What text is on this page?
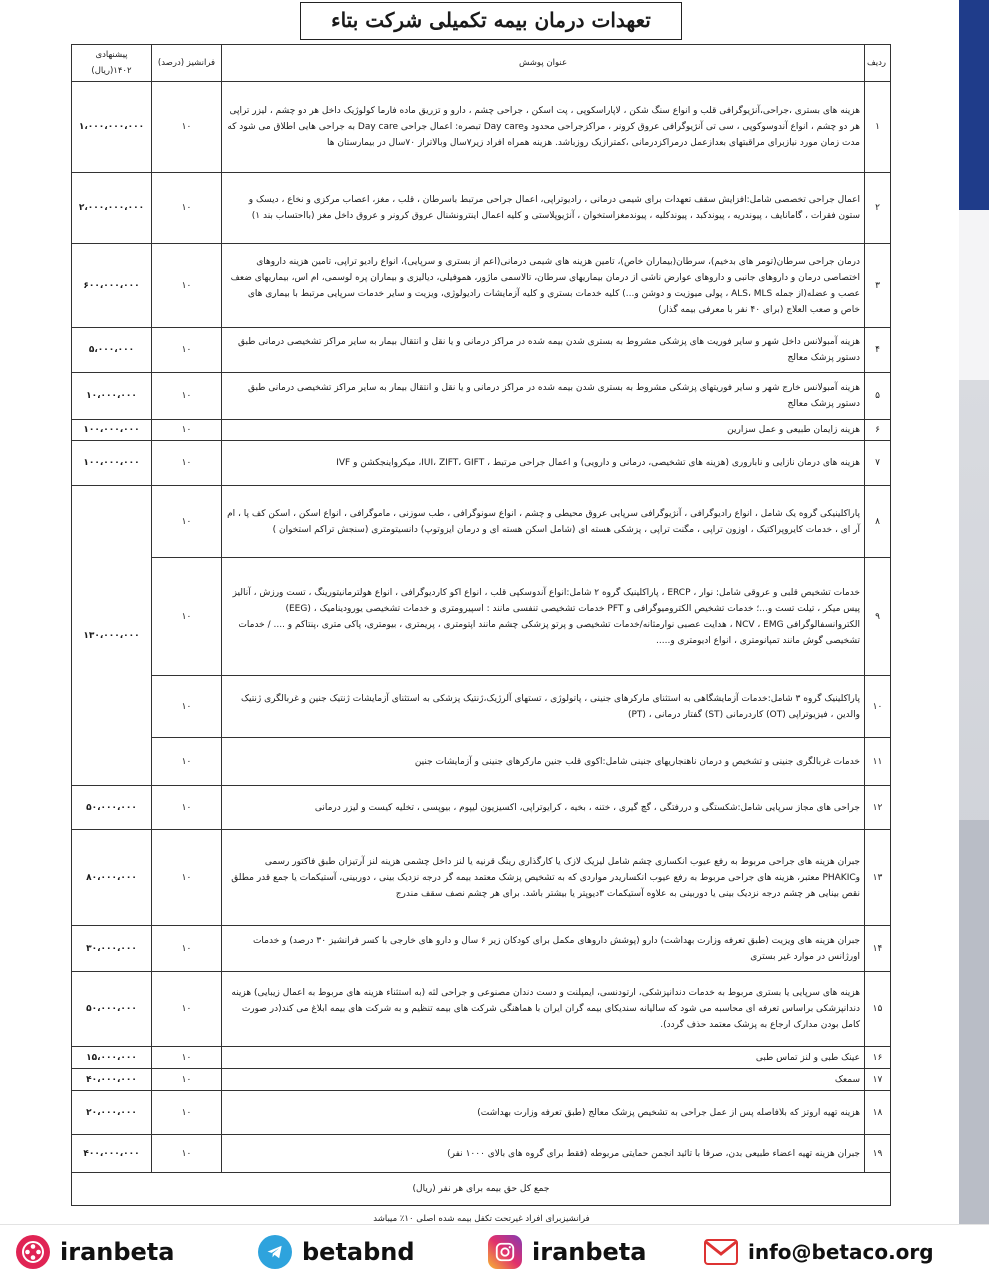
تعهدات درمان بیمه تکمیلی شرکت بتاء
ردیف	عنوان پوشش	فرانشیز (درصد)	پیشنهادی ۱۴۰۲(ریال)
۱	هزینه های بستری ،جراحی،آنژیوگرافی قلب و انواع سنگ شکن ، لاپاراسکوپی ، پت اسکن ، جراحی چشم ، دارو و تزریق ماده فارما کولوژیک داخل هر دو چشم ، لیزر تراپی هر دو چشم ، انواع آندوسوکوپی ، سی تی آنژیوگرافی عروق کرونر ، مراکزجراحی محدود وDay care تبصره: اعمال جراحی Day care به جراحی هایی اطلاق می شود که مدت زمان مورد نیازبرای مراقبتهای بعدازعمل درمراکزدرمانی ،کمترازیک روزباشد. هزینه همراه افراد زیر۷سال وبالاتراز ۷۰سال در بیمارستان ها	۱۰	۱،۰۰۰،۰۰۰،۰۰۰
۲	اعمال جراحی تخصصی شامل:افزایش سقف تعهدات برای شیمی درمانی ، رادیوتراپی، اعمال جراحی مرتبط باسرطان ، قلب ، مغز، اعصاب مرکزی و نخاع ، دیسک و ستون فقرات ، گامانایف ، پیوندریه ، پیوندکبد ، پیوندکلیه ، پیوندمغزاستخوان ، آنژیوپلاستی و کلیه اعمال اینترونشنال عروق کرونر و عروق داخل مغز (بااحتساب بند ۱)	۱۰	۲،۰۰۰،۰۰۰،۰۰۰
۳	درمان جراحی سرطان(تومر های بدخیم)، سرطان(بیماران خاص)، تامین هزینه های شیمی درمانی(اعم از بستری و سرپایی)، انواع رادیو تراپی، تامین هزینه داروهای اختصاصی درمان و داروهای جانبی و داروهای عوارض ناشی از درمان بیماریهای سرطان، تالاسمی ماژور، هموفیلی، دیالیزی و بیماران پره لوسمی، ام اس، بیماریهای ضعف عصب و عضله(از جمله ALS، MLS ، پولی میوزیت و دوشن و...) کلیه خدمات بستری و کلیه آزمایشات رادیولوژی، ویزیت و سایر خدمات سرپایی مرتبط با بیماری های خاص و صعب العلاج (برای ۴۰ نفر با معرفی بیمه گذار)	۱۰	۶۰۰،۰۰۰،۰۰۰
۴	هزینه آمبولانس داخل شهر و سایر فوریت های پزشکی مشروط به بستری شدن بیمه شده در مراکز درمانی و یا نقل و انتقال بیمار به سایر مراکز تشخیصی درمانی طبق دستور پزشک معالج	۱۰	۵،۰۰۰،۰۰۰
۵	هزینه آمبولانس خارج شهر و سایر فوریتهای پزشکی مشروط به بستری شدن بیمه شده در مراکز درمانی و یا نقل و انتقال بیمار به سایر مراکز تشخیصی درمانی طبق دستور پزشک معالج	۱۰	۱۰،۰۰۰،۰۰۰
۶	هزینه زایمان طبیعی و عمل سزارین	۱۰	۱۰۰،۰۰۰،۰۰۰
۷	هزینه های درمان نازایی و ناباروری (هزینه های تشخیصی، درمانی و دارویی) و اعمال جراحی مرتبط ، IUI، ZIFT، GIFT، میکرواینجکشن و IVF	۱۰	۱۰۰،۰۰۰،۰۰۰
۸	پاراکلینیکی گروه یک شامل ، انواع رادیوگرافی ، آنژیوگرافی سرپایی عروق محیطی و چشم ، انواع سونوگرافی ، طب سوزنی ، ماموگرافی ، انواع اسکن ، اسکن کف پا ، ام آر ای ، خدمات کایروپراکتیک ، اوزون تراپی ، مگنت تراپی ، پزشکی هسته ای (شامل اسکن هسته ای و درمان ایزوتوپ) دانسیتومتری (سنجش تراکم استخوان )	۱۰	۱۳۰،۰۰۰،۰۰۰
۹	خدمات تشخیص قلبی و عروقی شامل: نوار ، ERCP ، پاراکلینیک گروه ۲ شامل:انواع آندوسکپی قلب ، انواع اکو کاردیوگرافی ، انواع هولترمانیتورینگ ، تست ورزش ، آنالیز پیس میکر ، تیلت تست و...؛ خدمات تشخیص الکترومیوگرافی و PFT خدمات تشخیصی تنفسی مانند : اسپیرومتری و خدمات تشخیصی یورودینامیک ، (EEG) الکتروانسفالوگرافی NCV ، EMG ، هدایت عصبی نوارمثانه/خدمات تشخیصی و پرتو پزشکی چشم مانند اپتومتری ، پریمتری ، بیومتری، پاکی متری ،پنتاکم و .... / خدمات تشخیصی گوش مانند تمپانومتری ، انواع ادیومتری و.....	۱۰	
۱۰	پاراکلینیک گروه ۳ شامل:خدمات آزمایشگاهی به استثنای مارکرهای جنینی ، پاتولوژی ، تستهای آلرژیک،ژنتیک پزشکی به استثنای آزمایشات ژنتیک جنین و غربالگری ژنتیک والدین ، فیزیوتراپی (OT) کاردرمانی (ST) گفتار درمانی ، (PT)	۱۰	
۱۱	خدمات غربالگری جنینی و تشخیص و درمان ناهنجاریهای جنینی شامل:اکوی قلب جنین مارکرهای جنینی و آزمایشات جنین	۱۰	
۱۲	جراحی های مجاز سرپایی شامل:شکستگی و دررفتگی ، گچ گیری ، ختنه ، بخیه ، کرایوتراپی، اکسیزیون لیپوم ، بیوپسی ، تخلیه کیست و لیزر درمانی	۱۰	۵۰،۰۰۰،۰۰۰
۱۳	جبران هزینه های جراحی مربوط به رفع عیوب انکساری چشم شامل لیزیک لازک یا کارگذاری رینگ قرنیه یا لنز داخل چشمی هزینه لنز آرتیزان طبق فاکتور رسمی وPHAKIC معتبر، هزینه های جراحی مربوط به رفع عیوب انکساریدر مواردی که به تشخیص پزشک معتمد بیمه گر درجه نزدیک بینی ، دوربینی، آستیکمات یا جمع قدر مطلق نقص بینایی هر چشم درجه نزدیک بینی یا دوربینی به علاوه آستیکمات ۳دیوپتر یا بیشتر باشد. برای هر چشم نصف سقف مندرج	۱۰	۸۰،۰۰۰،۰۰۰
۱۴	جبران هزینه های ویزیت (طبق تعرفه وزارت بهداشت) دارو (پوشش داروهای مکمل برای کودکان زیر ۶ سال و دارو های خارجی با کسر فرانشیز ۳۰ درصد) و خدمات اورژانس در موارد غیر بستری	۱۰	۳۰،۰۰۰،۰۰۰
۱۵	هزینه های سرپایی یا بستری مربوط به خدمات دندانپزشکی، ارتودنسی، ایمپلنت و دست دندان مصنوعی و جراحی لثه (به استثناء هزینه های مربوط به اعمال زیبایی) هزینه دندانپزشکی براساس تعرفه ای محاسبه می شود که سالیانه سندیکای بیمه گران ایران با هماهنگی شرکت های بیمه تنظیم و به شرکت های بیمه ابلاغ می کند(در صورت کامل بودن مدارک ارجاع به پزشک معتمد حذف گردد).	۱۰	۵۰،۰۰۰،۰۰۰
۱۶	عینک طبی و لنز تماس طبی	۱۰	۱۵،۰۰۰،۰۰۰
۱۷	سمعک	۱۰	۴۰،۰۰۰،۰۰۰
۱۸	هزینه تهیه اروتز که بلافاصله پس از عمل جراحی به تشخیص پزشک معالج (طبق تعرفه وزارت بهداشت)	۱۰	۲۰،۰۰۰،۰۰۰
۱۹	جبران هزینه تهیه اعضاء طبیعی بدن، صرفا با تائید انجمن حمایتی مربوطه (فقط برای گروه های بالای ۱۰۰۰ نفر)	۱۰	۴۰۰،۰۰۰،۰۰۰
جمع کل حق بیمه برای هر نفر (ریال)			
فرانشیزبرای افراد غیرتحت تکفل بیمه شده اصلی ۱۰٪ میباشد
iranbeta	betabnd	iranbeta	info@betaco.org
